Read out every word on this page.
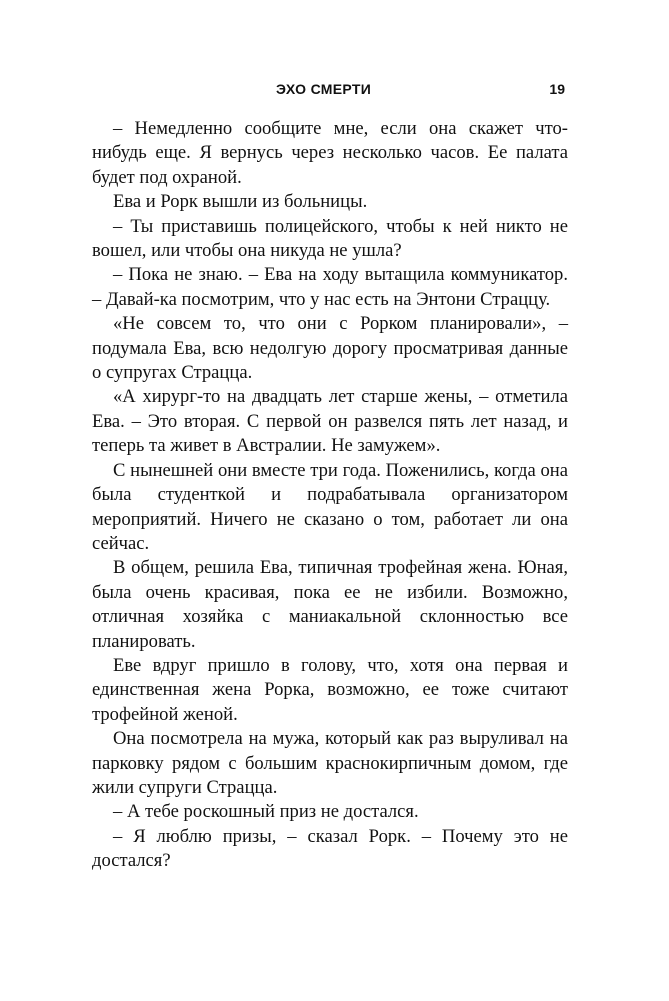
ЭХО СМЕРТИ	19

– Немедленно сообщите мне, если она скажет что-нибудь еще. Я вернусь через несколько часов. Ее палата будет под охраной.

Ева и Рорк вышли из больницы.

– Ты приставишь полицейского, чтобы к ней никто не вошел, или чтобы она никуда не ушла?

– Пока не знаю. – Ева на ходу вытащила коммуникатор. – Давай-ка посмотрим, что у нас есть на Энтони Страццу.

«Не совсем то, что они с Рорком планировали», – подумала Ева, всю недолгую дорогу просматривая данные о супругах Страцца.

«А хирург-то на двадцать лет старше жены, – отметила Ева. – Это вторая. С первой он развелся пять лет назад, и теперь та живет в Австралии. Не замужем».

С нынешней они вместе три года. Поженились, когда она была студенткой и подрабатывала организатором мероприятий. Ничего не сказано о том, работает ли она сейчас.

В общем, решила Ева, типичная трофейная жена. Юная, была очень красивая, пока ее не избили. Возможно, отличная хозяйка с маниакальной склонностью все планировать.

Еве вдруг пришло в голову, что, хотя она первая и единственная жена Рорка, возможно, ее тоже считают трофейной женой.

Она посмотрела на мужа, который как раз выруливал на парковку рядом с большим краснокирпичным домом, где жили супруги Страцца.

– А тебе роскошный приз не достался.

– Я люблю призы, – сказал Рорк. – Почему это не достался?
